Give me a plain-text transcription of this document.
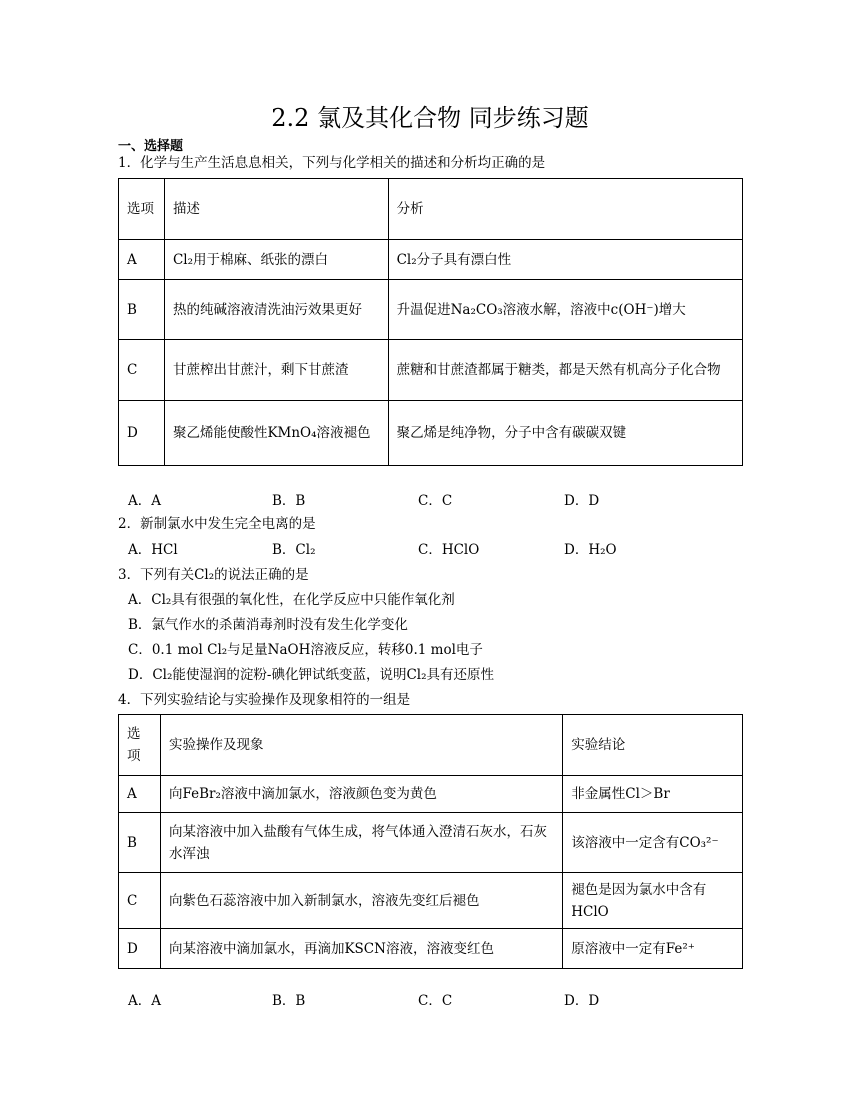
2.2 氯及其化合物 同步练习题
一、选择题
1．化学与生产生活息息相关，下列与化学相关的描述和分析均正确的是
选项	描述	分析
A	Cl₂用于棉麻、纸张的漂白	Cl₂分子具有漂白性
B	热的纯碱溶液清洗油污效果更好	升温促进Na₂CO₃溶液水解，溶液中c(OH⁻)增大
C	甘蔗榨出甘蔗汁，剩下甘蔗渣	蔗糖和甘蔗渣都属于糖类，都是天然有机高分子化合物
D	聚乙烯能使酸性KMnO₄溶液褪色	聚乙烯是纯净物，分子中含有碳碳双键
A．A	B．B	C．C	D．D
2．新制氯水中发生完全电离的是
A．HCl	B．Cl₂	C．HClO	D．H₂O
3．下列有关Cl₂的说法正确的是
A．Cl₂具有很强的氧化性，在化学反应中只能作氧化剂
B．氯气作水的杀菌消毒剂时没有发生化学变化
C．0.1 mol Cl₂与足量NaOH溶液反应，转移0.1 mol电子
D．Cl₂能使湿润的淀粉-碘化钾试纸变蓝，说明Cl₂具有还原性
4．下列实验结论与实验操作及现象相符的一组是
选项	实验操作及现象	实验结论
A	向FeBr₂溶液中滴加氯水，溶液颜色变为黄色	非金属性Cl＞Br
B	向某溶液中加入盐酸有气体生成，将气体通入澄清石灰水，石灰水浑浊	该溶液中一定含有CO₃²⁻
C	向紫色石蕊溶液中加入新制氯水，溶液先变红后褪色	褪色是因为氯水中含有HClO
D	向某溶液中滴加氯水，再滴加KSCN溶液，溶液变红色	原溶液中一定有Fe²⁺
A．A	B．B	C．C	D．D
